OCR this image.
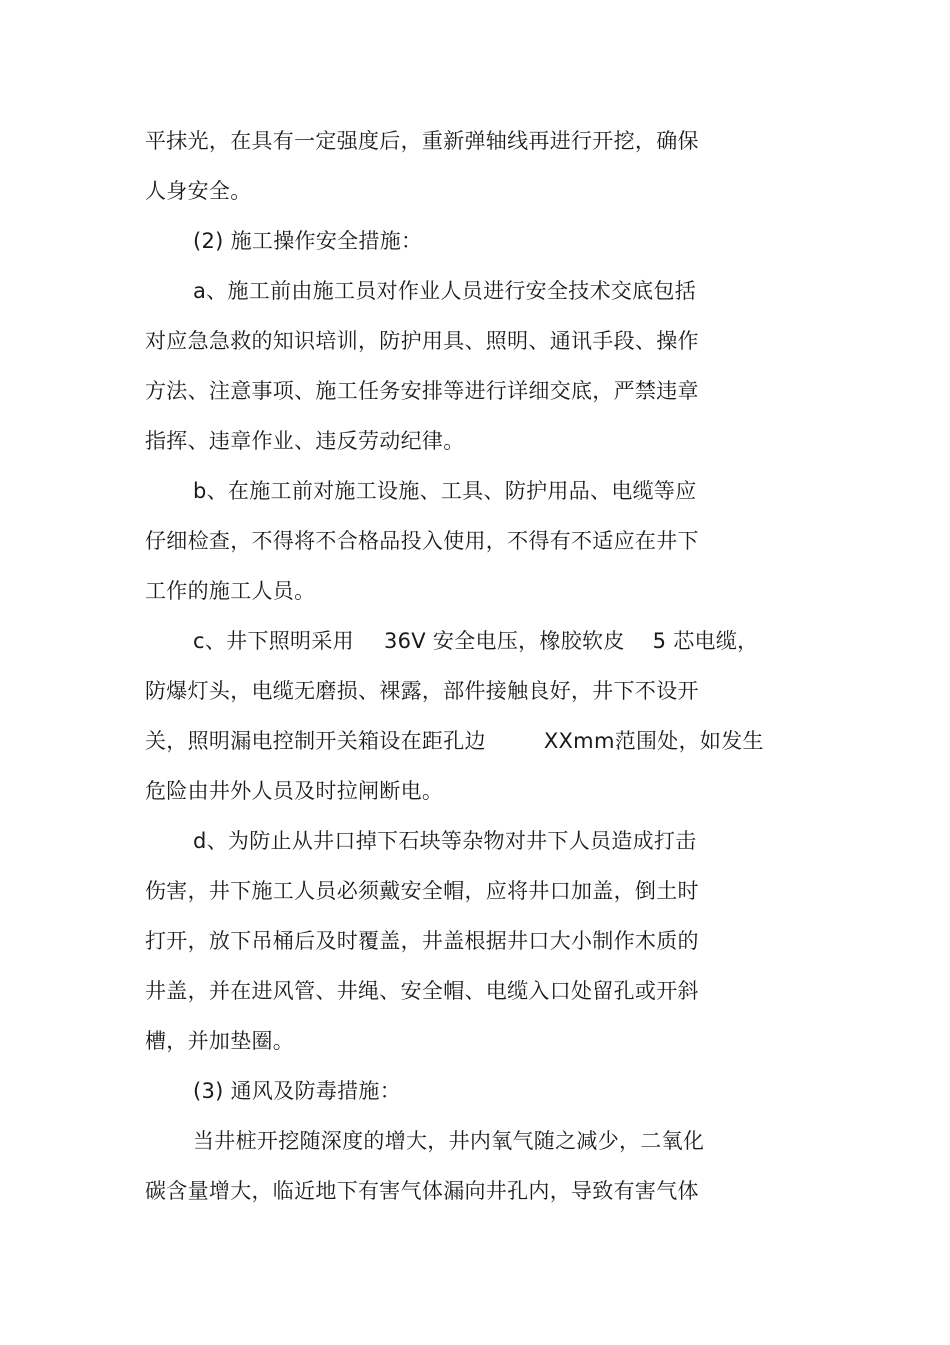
平抹光，在具有一定强度后，重新弹轴线再进行开挖，确保
人身安全。
(2) 施工操作安全措施：
a、施工前由施工员对作业人员进行安全技术交底包括
对应急急救的知识培训，防护用具、照明、通讯手段、操作
方法、注意事项、施工任务安排等进行详细交底，严禁违章
指挥、违章作业、违反劳动纪律。
b、在施工前对施工设施、工具、防护用品、电缆等应
仔细检查，不得将不合格品投入使用，不得有不适应在井下
工作的施工人员。
c、井下照明采用 36V 安全电压，橡胶软皮 5 芯电缆，
防爆灯头，电缆无磨损、裸露，部件接触良好，井下不设开
关，照明漏电控制开关箱设在距孔边	XXmm范围处，如发生
危险由井外人员及时拉闸断电。
d、为防止从井口掉下石块等杂物对井下人员造成打击
伤害，井下施工人员必须戴安全帽，应将井口加盖，倒土时
打开，放下吊桶后及时覆盖，井盖根据井口大小制作木质的
井盖，并在进风管、井绳、安全帽、电缆入口处留孔或开斜
槽，并加垫圈。
(3) 通风及防毒措施：
当井桩开挖随深度的增大，井内氧气随之减少，二氧化
碳含量增大，临近地下有害气体漏向井孔内，导致有害气体
